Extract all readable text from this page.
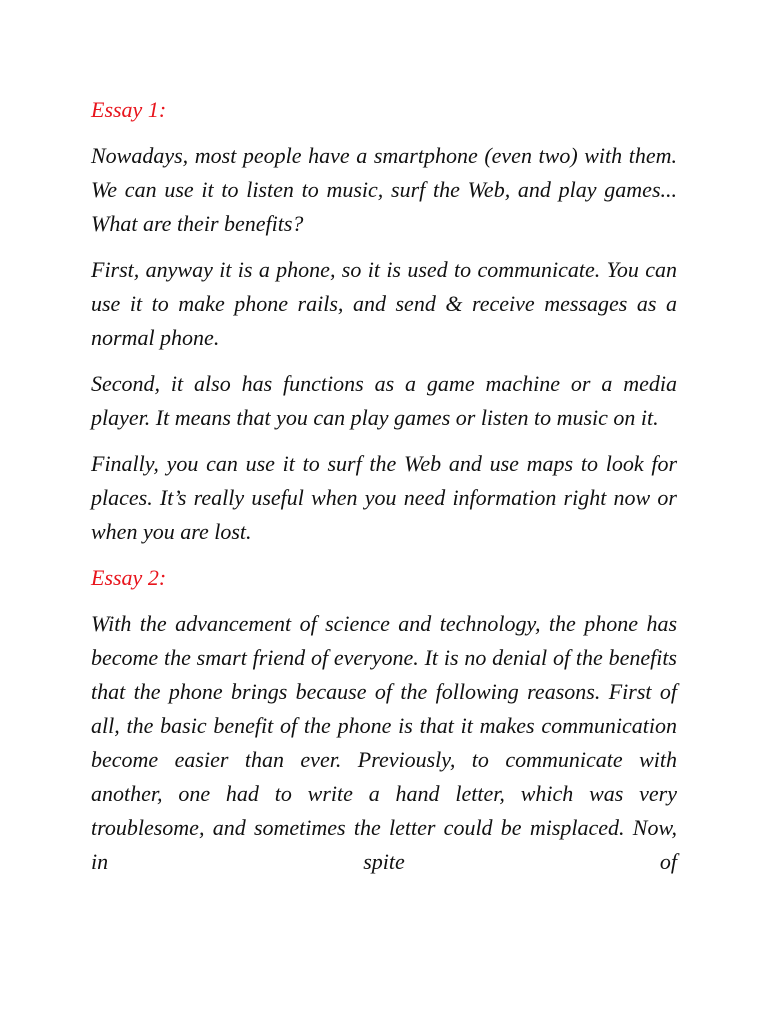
Essay 1:

Nowadays, most people have a smartphone (even two) with them. We can use it to listen to music, surf the Web, and play games... What are their benefits?

First, anyway it is a phone, so it is used to communicate. You can use it to make phone rails, and send & receive messages as a normal phone.

Second, it also has functions as a game machine or a media player. It means that you can play games or listen to music on it.

Finally, you can use it to surf the Web and use maps to look for places. It’s really useful when you need information right now or when you are lost.

Essay 2:

With the advancement of science and technology, the phone has become the smart friend of everyone. It is no denial of the benefits that the phone brings because of the following reasons. First of all, the basic benefit of the phone is that it makes communication become easier than ever. Previously, to communicate with another, one had to write a hand letter, which was very troublesome, and sometimes the letter could be misplaced. Now, in spite of
